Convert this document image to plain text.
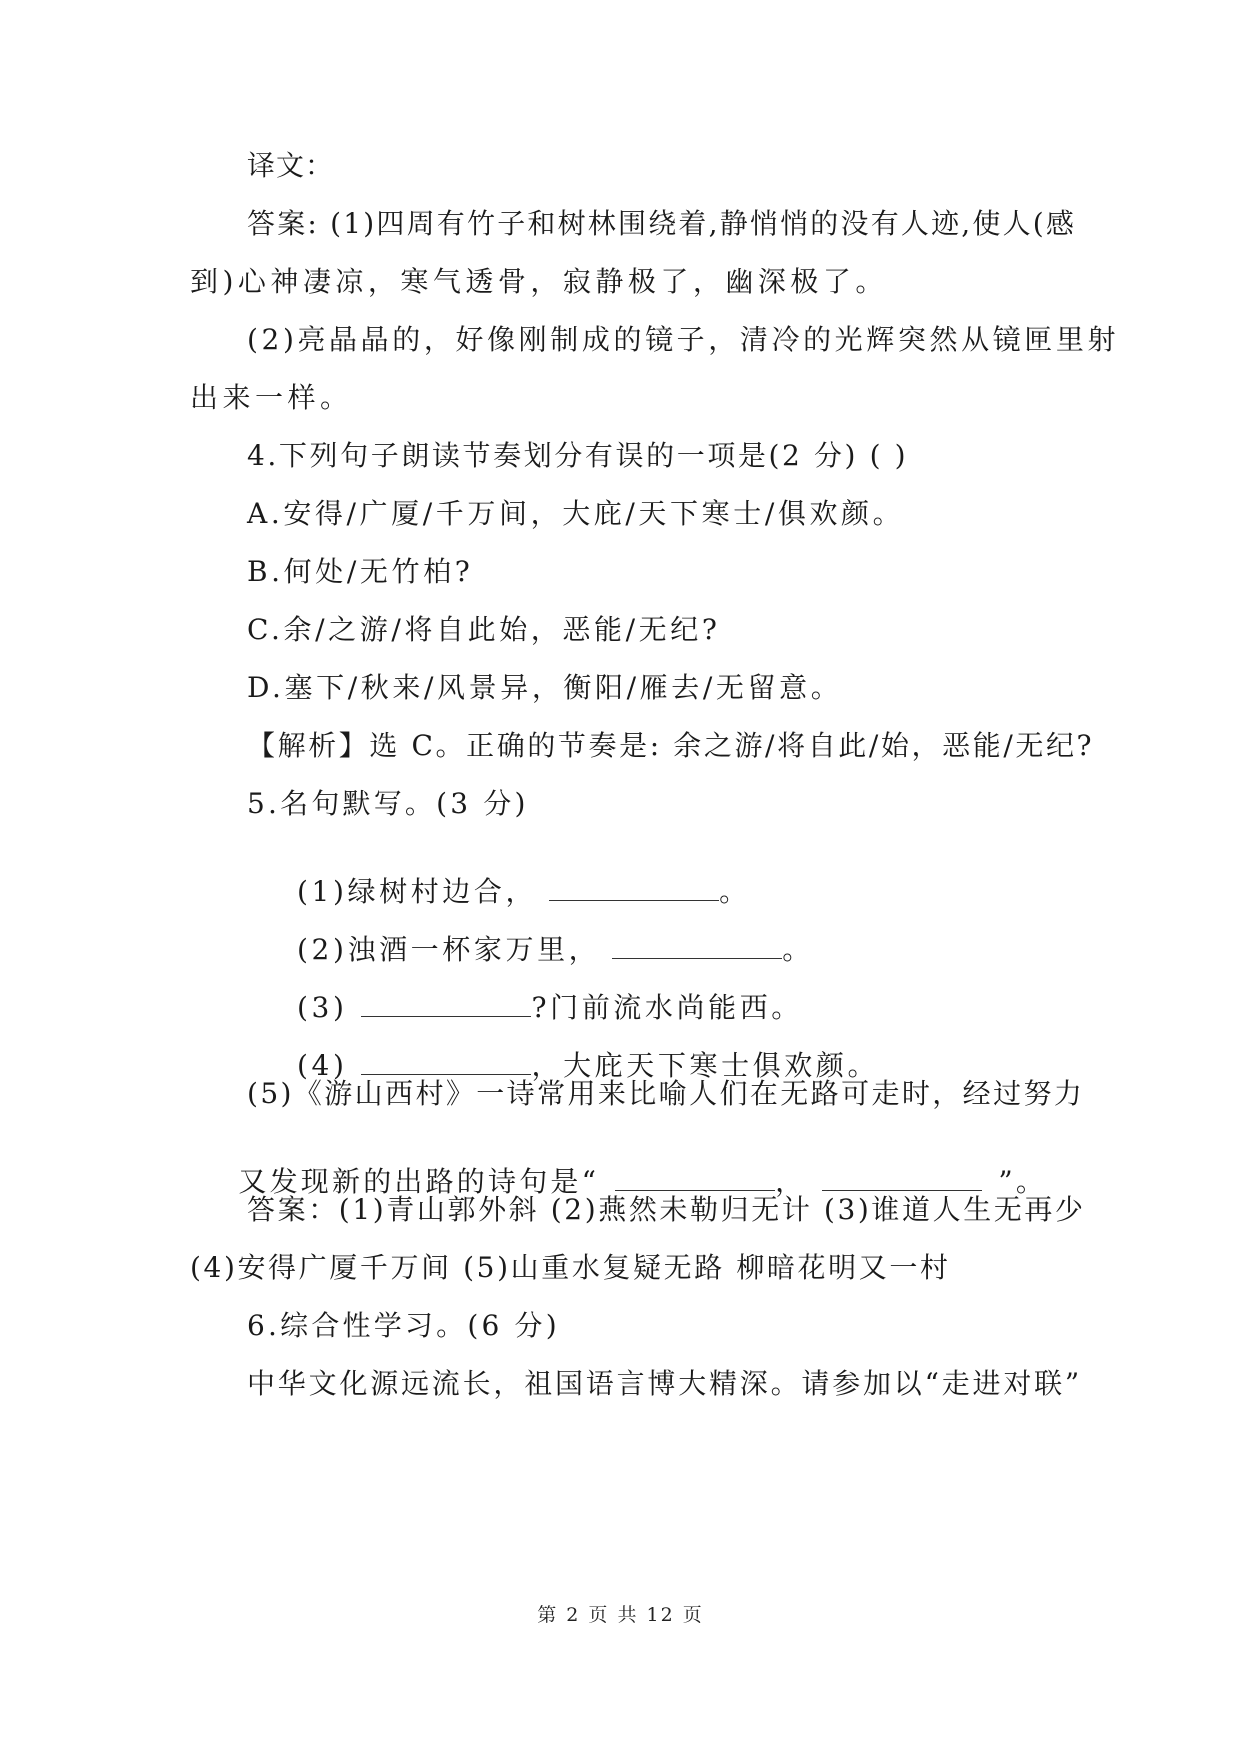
译文：
答案: (1)四周有竹子和树林围绕着,静悄悄的没有人迹,使人(感
到)心神凄凉，寒气透骨，寂静极了，幽深极了。
(2)亮晶晶的，好像刚制成的镜子，清冷的光辉突然从镜匣里射
出来一样。
4.下列句子朗读节奏划分有误的一项是(2 分) ( )
A.安得/广厦/千万间，大庇/天下寒士/俱欢颜。
B.何处/无竹柏?
C.余/之游/将自此始，恶能/无纪?
D.塞下/秋来/风景异，衡阳/雁去/无留意。
【解析】选 C。正确的节奏是: 余之游/将自此/始，恶能/无纪?
5.名句默写。(3 分)

(1)绿树村边合，	。

(2)浊酒一杯家万里，	。

(3)	?门前流水尚能西。

(4)	，大庇天下寒士俱欢颜。

(5)《游山西村》一诗常用来比喻人们在无路可走时，经过努力

又发现新的出路的诗句是“	，	”。

答案：(1)青山郭外斜 (2)燕然未勒归无计 (3)谁道人生无再少
(4)安得广厦千万间 (5)山重水复疑无路 柳暗花明又一村
6.综合性学习。(6 分)
中华文化源远流长，祖国语言博大精深。请参加以“走进对联”
第 2 页 共 12 页
